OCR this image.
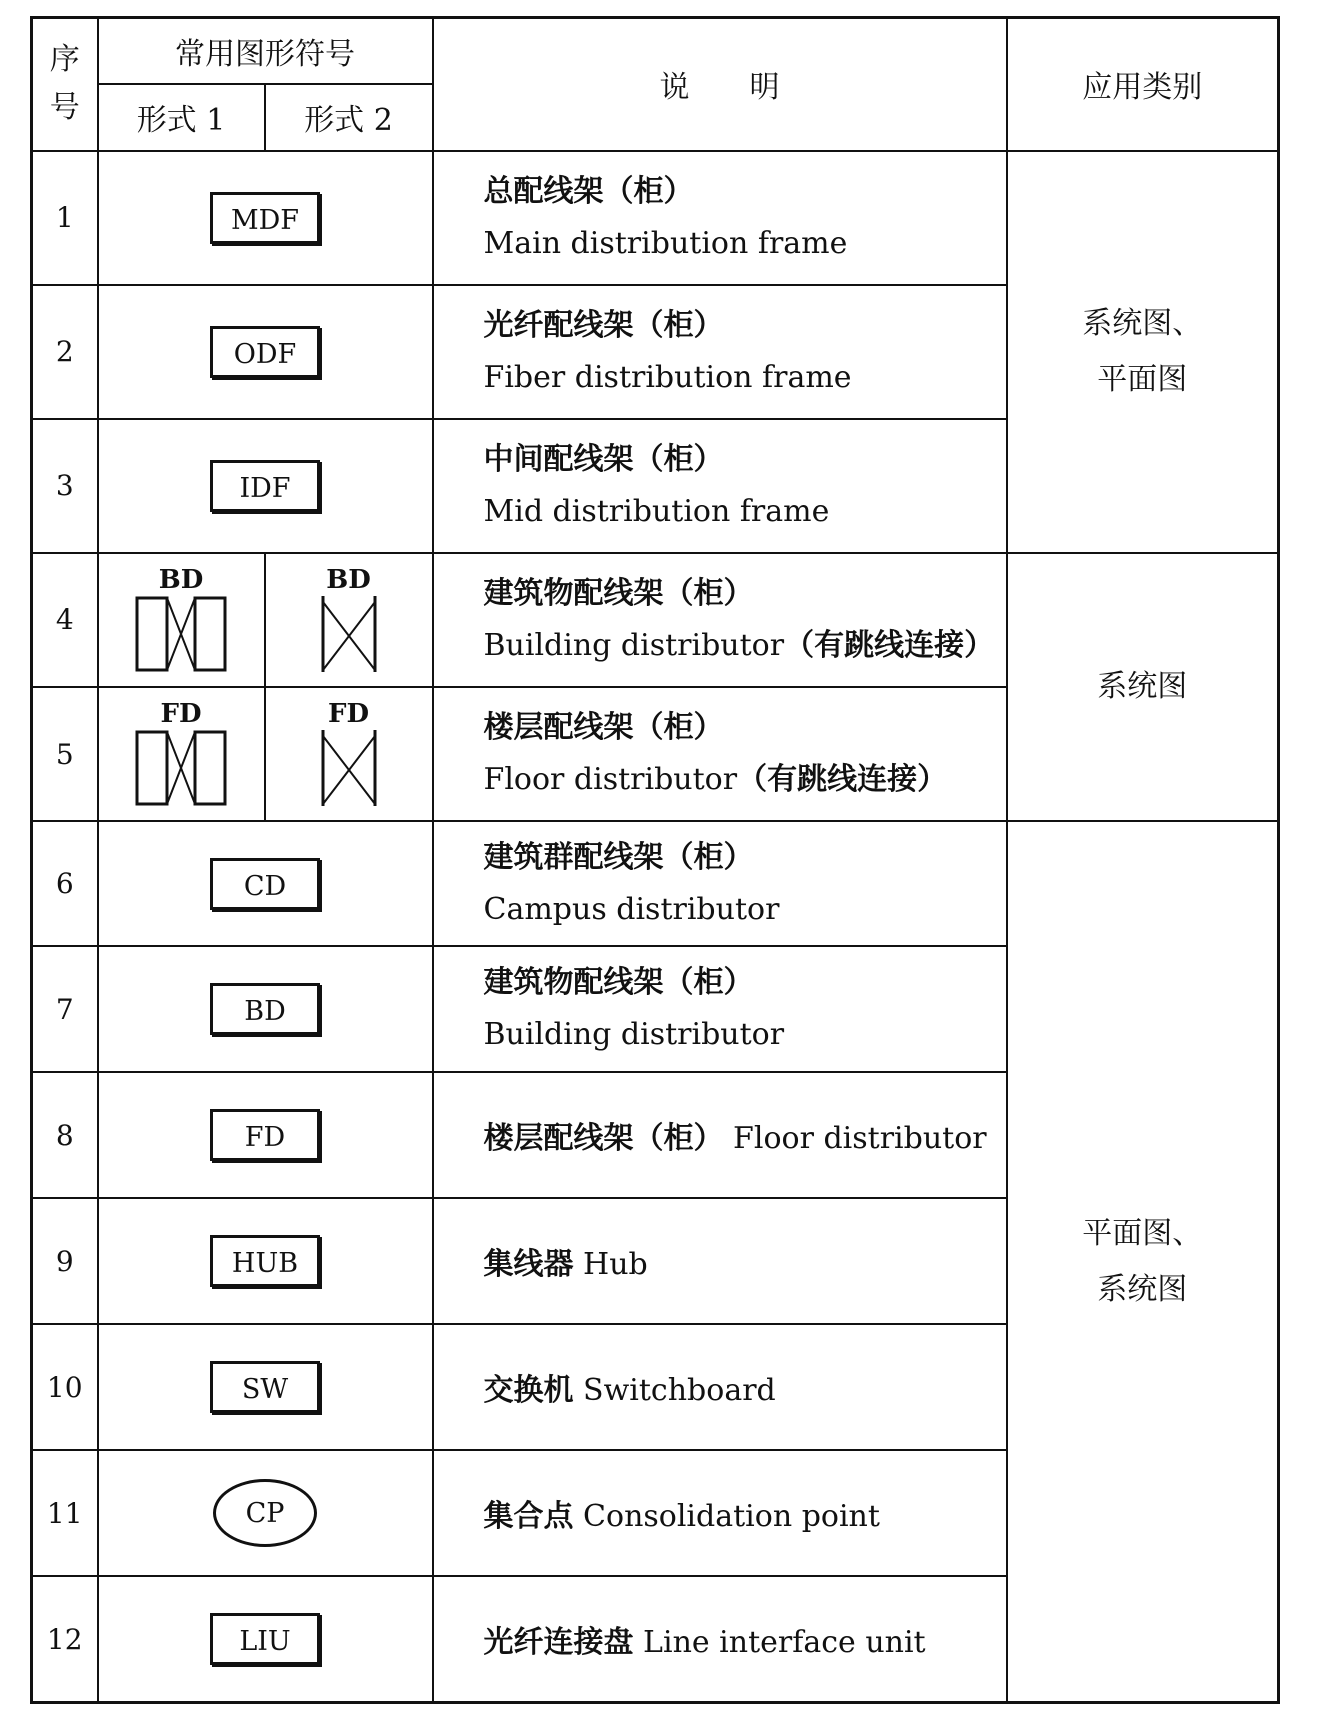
序
号	常用图形符号		说　　明	应用类别
	形式 1	形式 2		
1	MDF		总配线架（柜）
Main distribution frame	系统图、
平面图

2	ODF		光纤配线架（柜）
Fiber distribution frame	

3	IDF		中间配线架（柜）
Mid distribution frame	

4	BD	BD	建筑物配线架（柜）
Building distributor（有跳线连接）	系统图

5	FD	FD	楼层配线架（柜）
Floor distributor（有跳线连接）	

6	CD		建筑群配线架（柜）
Campus distributor	平面图、
系统图

7	BD		建筑物配线架（柜）
Building distributor	

8	FD		楼层配线架（柜） Floor distributor	

9	HUB		集线器 Hub	

10	SW		交换机 Switchboard	

11	CP		集合点 Consolidation point	

12	LIU		光纤连接盘 Line interface unit	
